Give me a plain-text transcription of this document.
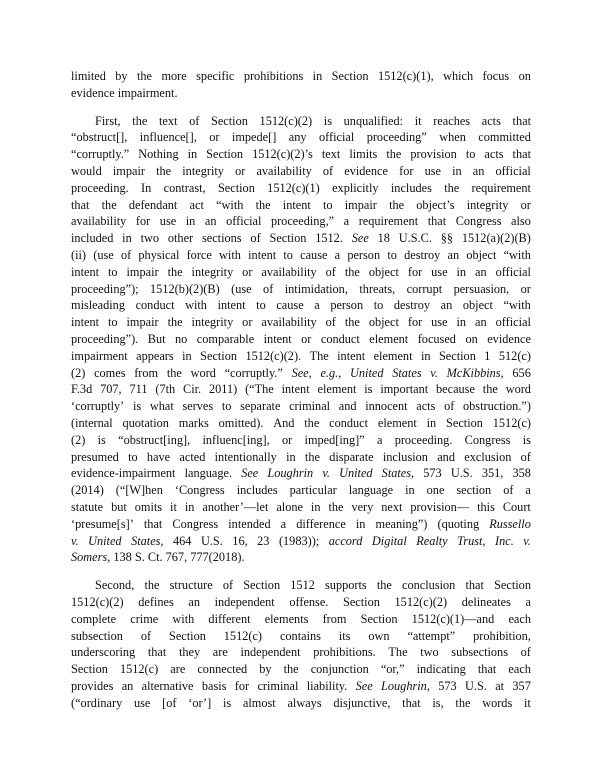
limited by the more specific prohibitions in Section 1512(c)(1), which focus on
evidence impairment.
First, the text of Section 1512(c)(2) is unqualified: it reaches acts that
“obstruct[], influence[], or impede[] any official proceeding” when committed
“corruptly.” Nothing in Section 1512(c)(2)’s text limits the provision to acts that
would impair the integrity or availability of evidence for use in an official
proceeding. In contrast, Section 1512(c)(1) explicitly includes the requirement
that the defendant act “with the intent to impair the object’s integrity or
availability for use in an official proceeding,” a requirement that Congress also
included in two other sections of Section 1512. See 18 U.S.C. §§ 1512(a)(2)(B)
(ii) (use of physical force with intent to cause a person to destroy an object “with
intent to impair the integrity or availability of the object for use in an official
proceeding”); 1512(b)(2)(B) (use of intimidation, threats, corrupt persuasion, or
misleading conduct with intent to cause a person to destroy an object “with
intent to impair the integrity or availability of the object for use in an official
proceeding”). But no comparable intent or conduct element focused on evidence
impairment appears in Section 1512(c)(2). The intent element in Section 1 512(c)
(2) comes from the word “corruptly.” See, e.g., United States v. McKibbins, 656
F.3d 707, 711 (7th Cir. 2011) (“The intent element is important because the word
‘corruptly’ is what serves to separate criminal and innocent acts of obstruction.”)
(internal quotation marks omitted). And the conduct element in Section 1512(c)
(2) is “obstruct[ing], influenc[ing], or imped[ing]” a proceeding. Congress is
presumed to have acted intentionally in the disparate inclusion and exclusion of
evidence-impairment language. See Loughrin v. United States, 573 U.S. 351, 358
(2014) (“[W]hen ‘Congress includes particular language in one section of a
statute but omits it in another’—let alone in the very next provision— this Court
‘presume[s]’ that Congress intended a difference in meaning”) (quoting Russello
v. United States, 464 U.S. 16, 23 (1983)); accord Digital Realty Trust, Inc. v.
Somers, 138 S. Ct. 767, 777(2018).
Second, the structure of Section 1512 supports the conclusion that Section
1512(c)(2) defines an independent offense. Section 1512(c)(2) delineates a
complete crime with different elements from Section 1512(c)(1)—and each
subsection of Section 1512(c) contains its own “attempt” prohibition,
underscoring that they are independent prohibitions. The two subsections of
Section 1512(c) are connected by the conjunction “or,” indicating that each
provides an alternative basis for criminal liability. See Loughrin, 573 U.S. at 357
(“ordinary use [of ‘or’] is almost always disjunctive, that is, the words it
